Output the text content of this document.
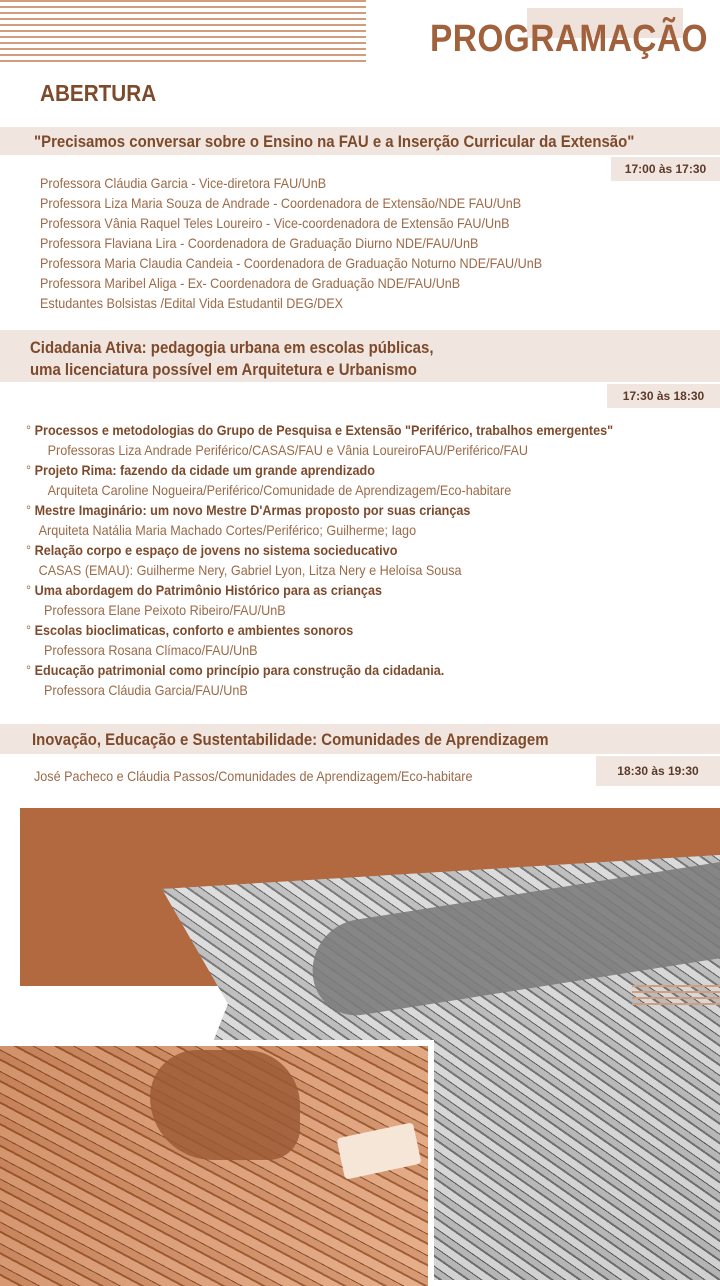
PROGRAMAÇÃO
ABERTURA
"Precisamos conversar sobre o Ensino na FAU e a Inserção Curricular da Extensão"
17:00 às 17:30
Professora Cláudia Garcia - Vice-diretora FAU/UnB
Professora Liza Maria Souza de Andrade - Coordenadora de Extensão/NDE FAU/UnB
Professora Vânia Raquel Teles Loureiro - Vice-coordenadora de Extensão FAU/UnB
Professora Flaviana Lira - Coordenadora de Graduação Diurno NDE/FAU/UnB
Professora Maria Claudia Candeia - Coordenadora de Graduação Noturno NDE/FAU/UnB
Professora Maribel Aliga - Ex- Coordenadora de Graduação NDE/FAU/UnB
Estudantes Bolsistas /Edital Vida Estudantil DEG/DEX
Cidadania Ativa: pedagogia urbana em escolas públicas,
uma licenciatura possível em Arquitetura e Urbanismo
17:30 às 18:30
° Processos e metodologias do Grupo de Pesquisa e Extensão "Periférico, trabalhos emergentes"
Professoras Liza Andrade Periférico/CASAS/FAU e Vânia LoureiroFAU/Periférico/FAU
° Projeto Rima: fazendo da cidade um grande aprendizado
Arquiteta Caroline Nogueira/Periférico/Comunidade de Aprendizagem/Eco-habitare
° Mestre Imaginário: um novo Mestre D'Armas proposto por suas crianças
Arquiteta Natália Maria Machado Cortes/Periférico; Guilherme; Iago
° Relação corpo e espaço de jovens no sistema socieducativo
CASAS (EMAU): Guilherme Nery, Gabriel Lyon, Litza Nery e Heloísa Sousa
° Uma abordagem do Patrimônio Histórico para as crianças
Professora Elane Peixoto Ribeiro/FAU/UnB
° Escolas bioclimaticas, conforto e ambientes sonoros
Professora Rosana Clímaco/FAU/UnB
° Educação patrimonial como princípio para construção da cidadania.
Professora Cláudia Garcia/FAU/UnB
Inovação, Educação e Sustentabilidade: Comunidades de Aprendizagem
18:30 às 19:30
José Pacheco e Cláudia Passos/Comunidades de Aprendizagem/Eco-habitare
